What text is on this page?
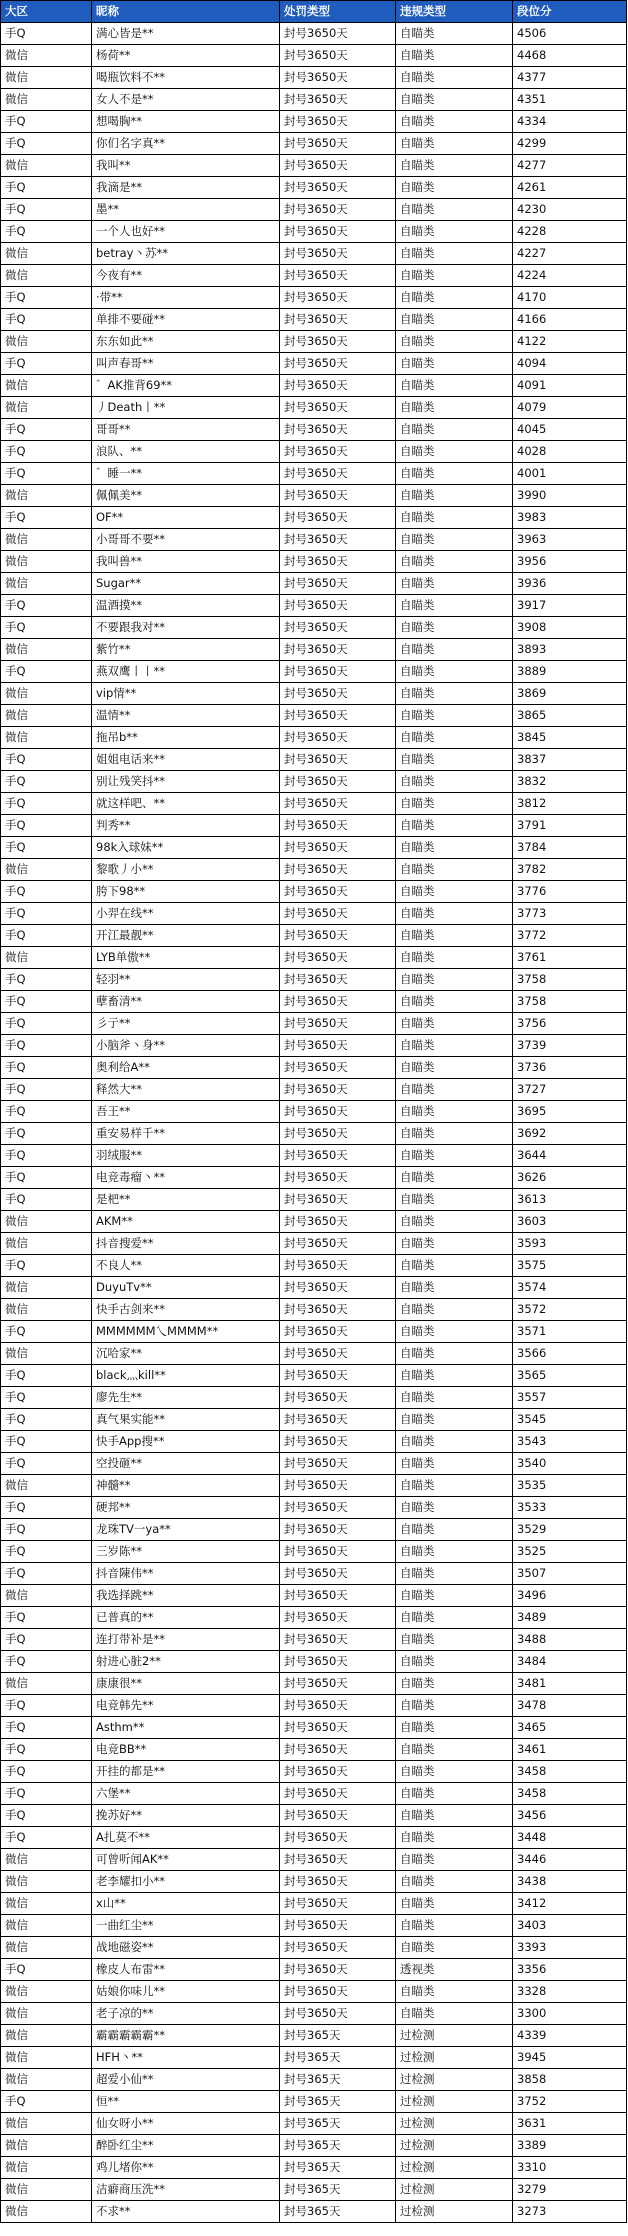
大区	昵称	处罚类型	违规类型	段位分
手Q	满心皆是**	封号3650天	自瞄类	4506
微信	杨荷**	封号3650天	自瞄类	4468
微信	喝瓶饮料不**	封号3650天	自瞄类	4377
微信	女人不是**	封号3650天	自瞄类	4351
手Q	想喝胸**	封号3650天	自瞄类	4334
手Q	你们名字真**	封号3650天	自瞄类	4299
微信	我叫**	封号3650天	自瞄类	4277
手Q	我滴是**	封号3650天	自瞄类	4261
手Q	墨**	封号3650天	自瞄类	4230
手Q	一个人也好**	封号3650天	自瞄类	4228
微信	betray丶苏**	封号3650天	自瞄类	4227
微信	今夜有**	封号3650天	自瞄类	4224
手Q	·带**	封号3650天	自瞄类	4170
手Q	单排不要碰**	封号3650天	自瞄类	4166
微信	东东如此**	封号3650天	自瞄类	4122
手Q	叫声春哥**	封号3650天	自瞄类	4094
微信	゛AK推背69**	封号3650天	自瞄类	4091
微信	丿Death丨**	封号3650天	自瞄类	4079
手Q	哥哥**	封号3650天	自瞄类	4045
手Q	浪队、**	封号3650天	自瞄类	4028
手Q	゛睡一**	封号3650天	自瞄类	4001
微信	佩佩美**	封号3650天	自瞄类	3990
手Q	OF**	封号3650天	自瞄类	3983
微信	小哥哥不要**	封号3650天	自瞄类	3963
微信	我叫兽**	封号3650天	自瞄类	3956
微信	Sugar**	封号3650天	自瞄类	3936
手Q	温酒摸**	封号3650天	自瞄类	3917
手Q	不要跟我对**	封号3650天	自瞄类	3908
微信	紫竹**	封号3650天	自瞄类	3893
手Q	燕双鹰丨丨**	封号3650天	自瞄类	3889
微信	vip情**	封号3650天	自瞄类	3869
微信	温情**	封号3650天	自瞄类	3865
微信	拖吊b**	封号3650天	自瞄类	3845
手Q	姐姐电话来**	封号3650天	自瞄类	3837
手Q	别让残笑抖**	封号3650天	自瞄类	3832
手Q	就这样吧、**	封号3650天	自瞄类	3812
手Q	判秀**	封号3650天	自瞄类	3791
手Q	98k入球妹**	封号3650天	自瞄类	3784
微信	黎歌丿小**	封号3650天	自瞄类	3782
手Q	胯下98**	封号3650天	自瞄类	3776
手Q	小羿在线**	封号3650天	自瞄类	3773
手Q	开江最靓**	封号3650天	自瞄类	3772
微信	LYB单傲**	封号3650天	自瞄类	3761
手Q	轻羽**	封号3650天	自瞄类	3758
手Q	孽畜清**	封号3650天	自瞄类	3758
手Q	彡亍**	封号3650天	自瞄类	3756
手Q	小脑斧丶身**	封号3650天	自瞄类	3739
手Q	奥利给A**	封号3650天	自瞄类	3736
手Q	释然大**	封号3650天	自瞄类	3727
手Q	吾王**	封号3650天	自瞄类	3695
手Q	重安易样千**	封号3650天	自瞄类	3692
手Q	羽绒服**	封号3650天	自瞄类	3644
手Q	电竞毒瘤丶**	封号3650天	自瞄类	3626
手Q	是杷**	封号3650天	自瞄类	3613
微信	AKM**	封号3650天	自瞄类	3603
微信	抖音搜爱**	封号3650天	自瞄类	3593
手Q	不良人**	封号3650天	自瞄类	3575
微信	DuyuTv**	封号3650天	自瞄类	3574
微信	快手古剑来**	封号3650天	自瞄类	3572
手Q	MMMMMM乀MMMM**	封号3650天	自瞄类	3571
微信	沉哈家**	封号3650天	自瞄类	3566
手Q	black灬kill**	封号3650天	自瞄类	3565
手Q	廖先生**	封号3650天	自瞄类	3557
手Q	真气果实能**	封号3650天	自瞄类	3545
手Q	快手App搜**	封号3650天	自瞄类	3543
手Q	空投砸**	封号3650天	自瞄类	3540
微信	神髓**	封号3650天	自瞄类	3535
手Q	硬邦**	封号3650天	自瞄类	3533
手Q	龙珠TV一ya**	封号3650天	自瞄类	3529
手Q	三岁陈**	封号3650天	自瞄类	3525
手Q	抖音陳伟**	封号3650天	自瞄类	3507
微信	我选择跳**	封号3650天	自瞄类	3496
手Q	已普真的**	封号3650天	自瞄类	3489
手Q	连打带补是**	封号3650天	自瞄类	3488
手Q	射进心脏2**	封号3650天	自瞄类	3484
微信	康康很**	封号3650天	自瞄类	3481
手Q	电竞韩先**	封号3650天	自瞄类	3478
手Q	Asthm**	封号3650天	自瞄类	3465
手Q	电竞BB**	封号3650天	自瞄类	3461
手Q	开挂的都是**	封号3650天	自瞄类	3458
手Q	六堡**	封号3650天	自瞄类	3458
手Q	挽苏好**	封号3650天	自瞄类	3456
手Q	A扎莫不**	封号3650天	自瞄类	3448
微信	可曾听闻AK**	封号3650天	自瞄类	3446
微信	老李耀扣小**	封号3650天	自瞄类	3438
微信	x山**	封号3650天	自瞄类	3412
微信	一曲红尘**	封号3650天	自瞄类	3403
微信	战地磁姿**	封号3650天	自瞄类	3393
手Q	橡皮人布雷**	封号3650天	透视类	3356
微信	姑娘你味儿**	封号3650天	自瞄类	3328
微信	老子凉的**	封号3650天	自瞄类	3300
微信	霸霸霸霸霸**	封号365天	过检测	4339
微信	HFH丶**	封号365天	过检测	3945
微信	超爱小仙**	封号365天	过检测	3858
手Q	恒**	封号365天	过检测	3752
微信	仙女呀小**	封号365天	过检测	3631
微信	醉卧红尘**	封号365天	过检测	3389
微信	鸡儿堵你**	封号365天	过检测	3310
微信	洁癖商压洗**	封号365天	过检测	3279
微信	不求**	封号365天	过检测	3273
